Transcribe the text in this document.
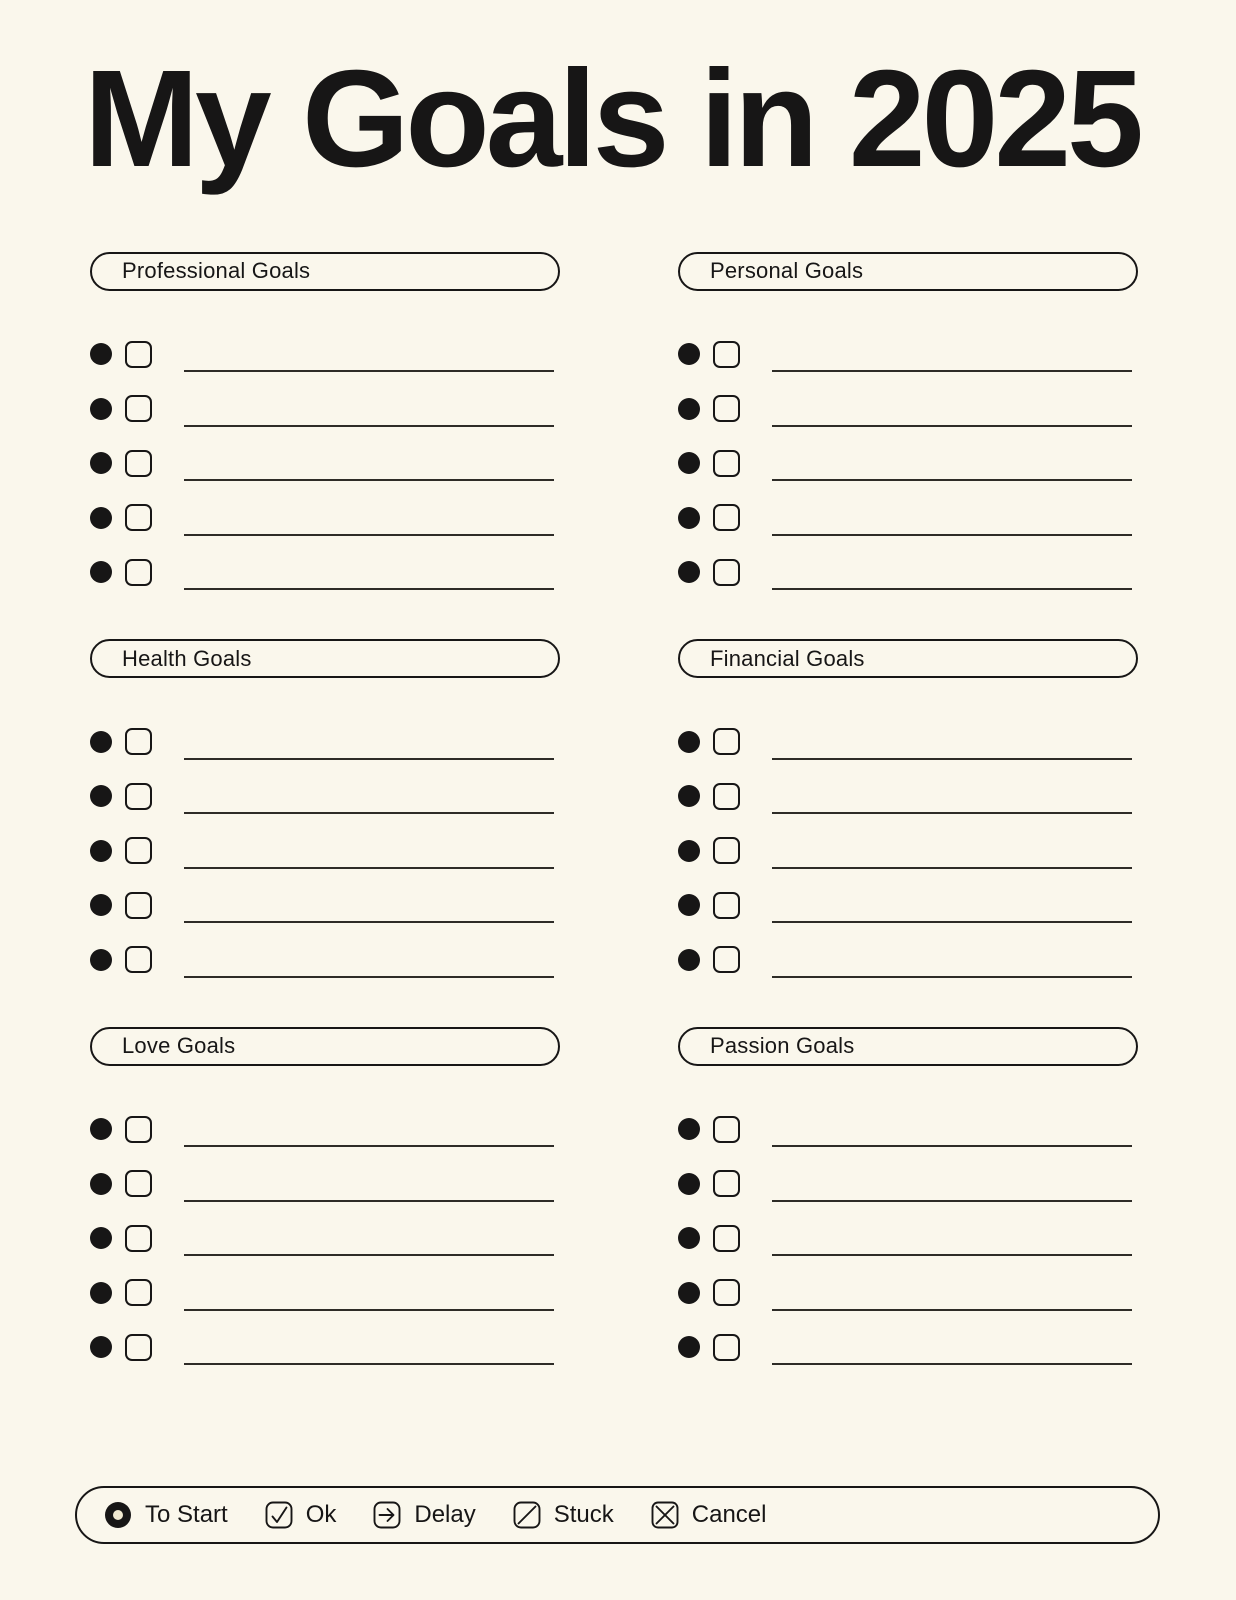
My Goals in 2025
Professional Goals	Personal Goals
Health Goals	Financial Goals
Love Goals	Passion Goals
To Start	Ok	Delay	Stuck	Cancel
